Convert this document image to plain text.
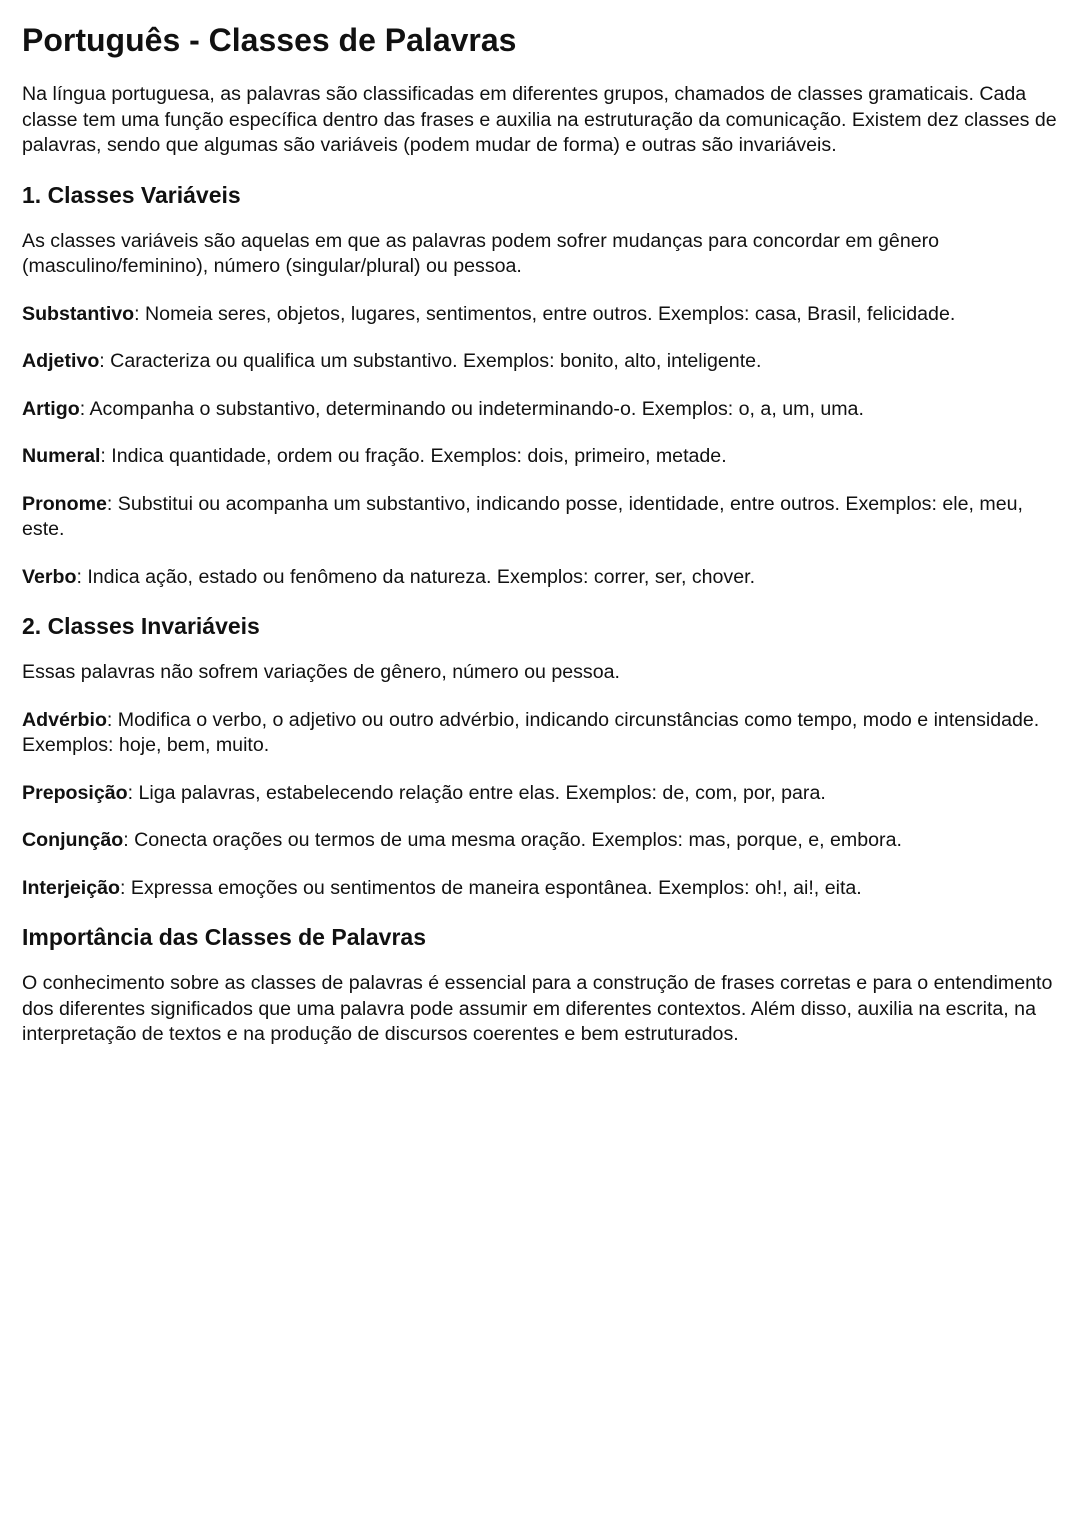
Português - Classes de Palavras

Na língua portuguesa, as palavras são classificadas em diferentes grupos, chamados de classes gramaticais. Cada classe tem uma função específica dentro das frases e auxilia na estruturação da comunicação. Existem dez classes de palavras, sendo que algumas são variáveis (podem mudar de forma) e outras são invariáveis.

1. Classes Variáveis

As classes variáveis são aquelas em que as palavras podem sofrer mudanças para concordar em gênero (masculino/feminino), número (singular/plural) ou pessoa.

Substantivo: Nomeia seres, objetos, lugares, sentimentos, entre outros. Exemplos: casa, Brasil, felicidade.

Adjetivo: Caracteriza ou qualifica um substantivo. Exemplos: bonito, alto, inteligente.

Artigo: Acompanha o substantivo, determinando ou indeterminando-o. Exemplos: o, a, um, uma.

Numeral: Indica quantidade, ordem ou fração. Exemplos: dois, primeiro, metade.

Pronome: Substitui ou acompanha um substantivo, indicando posse, identidade, entre outros. Exemplos: ele, meu, este.

Verbo: Indica ação, estado ou fenômeno da natureza. Exemplos: correr, ser, chover.

2. Classes Invariáveis

Essas palavras não sofrem variações de gênero, número ou pessoa.

Advérbio: Modifica o verbo, o adjetivo ou outro advérbio, indicando circunstâncias como tempo, modo e intensidade. Exemplos: hoje, bem, muito.

Preposição: Liga palavras, estabelecendo relação entre elas. Exemplos: de, com, por, para.

Conjunção: Conecta orações ou termos de uma mesma oração. Exemplos: mas, porque, e, embora.

Interjeição: Expressa emoções ou sentimentos de maneira espontânea. Exemplos: oh!, ai!, eita.

Importância das Classes de Palavras

O conhecimento sobre as classes de palavras é essencial para a construção de frases corretas e para o entendimento dos diferentes significados que uma palavra pode assumir em diferentes contextos. Além disso, auxilia na escrita, na interpretação de textos e na produção de discursos coerentes e bem estruturados.
